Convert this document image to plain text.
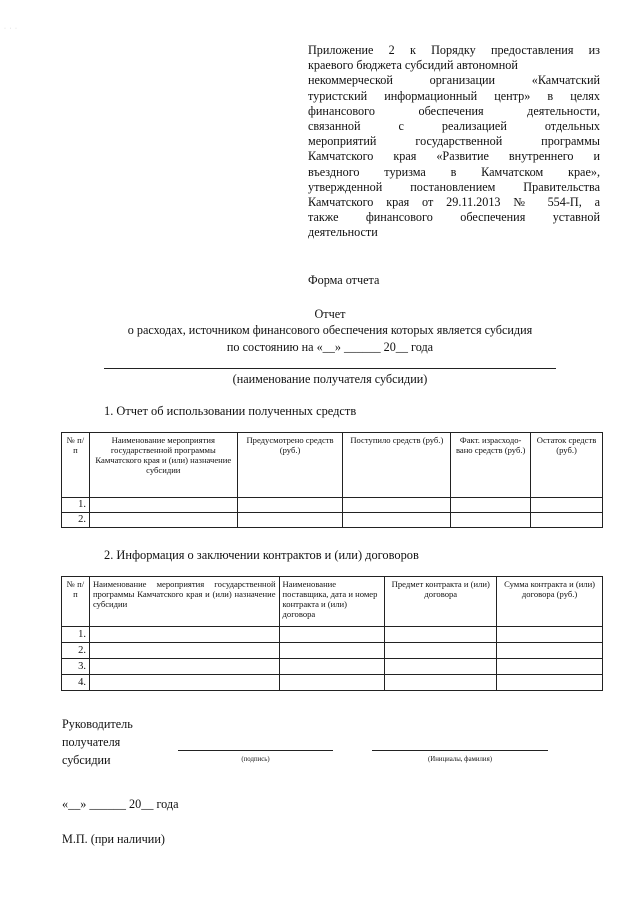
· · ·
Приложение 2 к Порядку предоставления из
краевого бюджета субсидий автономной
некоммерческой организации «Камчатский
туристский информационный центр» в целях
финансового обеспечения деятельности,
связанной с реализацией отдельных
мероприятий государственной программы
Камчатского края «Развитие внутреннего и
въездного туризма в Камчатском крае»,
утвержденной постановлением Правительства
Камчатского края от 29.11.2013 № 554-П, а
также финансового обеспечения уставной
деятельности
Форма отчета
Отчет
о расходах, источником финансового обеспечения которых является субсидия
по состоянию на «__» ______ 20__ года
(наименование получателя субсидии)
1. Отчет об использовании полученных средств
№ п/п	Наименование мероприятия государственной программы Камчатского края и (или) назначение субсидии	Предусмотрено средств (руб.)	Поступило средств (руб.)	Факт. израсходо-вано средств (руб.)	Остаток средств (руб.)
1.					
2.					
2. Информация о заключении контрактов и (или) договоров
№ п/п	Наименование мероприятия государственной программы Камчатского края и (или) назначение субсидии	Наименование поставщика, дата и номер контракта и (или) договора	Предмет контракта и (или) договора	Сумма контракта и (или) договора (руб.)
1.				
2.				
3.				
4.				
Руководитель
получателя
субсидии	(подпись)	(Инициалы, фамилия)
«__» ______ 20__ года
М.П. (при наличии)
